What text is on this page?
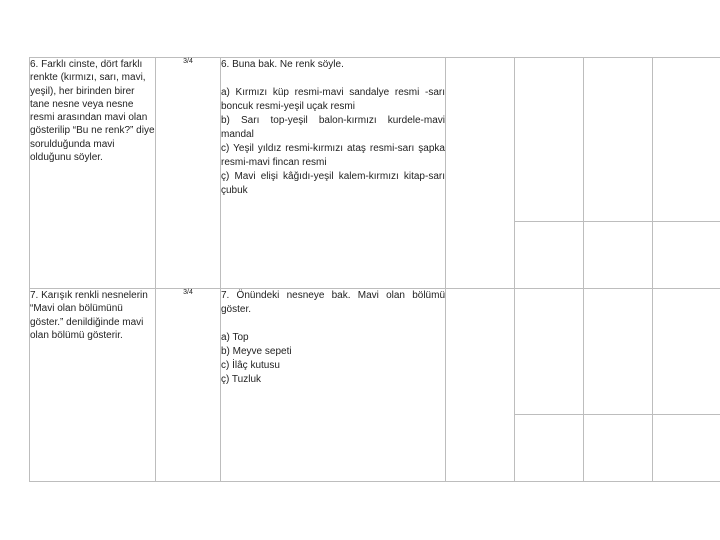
6. Farklı cinste, dört farklı renkte (kırmızı, sarı, mavi, yeşil), her birinden birer tane nesne veya nesne resmi arasından mavi olan gösterilip “Bu ne renk?” diye sorulduğunda mavi olduğunu söyler.	3/4	6. Buna bak. Ne renk söyle.

a) Kırmızı küp resmi-mavi sandalye resmi -sarı boncuk resmi-yeşil uçak resmi

b) Sarı top-yeşil balon-kırmızı kurdele-mavi mandal

c) Yeşil yıldız resmi-kırmızı ataş resmi-sarı şapka resmi-mavi fincan resmi

ç) Mavi elişi kâğıdı-yeşil kalem-kırmızı kitap-sarı çubuk				

7. Karışık renkli nesnelerin “Mavi olan bölümünü göster.” denildiğinde mavi olan bölümü gösterir.	3/4	7. Önündeki nesneye bak. Mavi olan bölümü göster.

a) Top

b) Meyve sepeti

c) İlâç kutusu

ç) Tuzluk				
